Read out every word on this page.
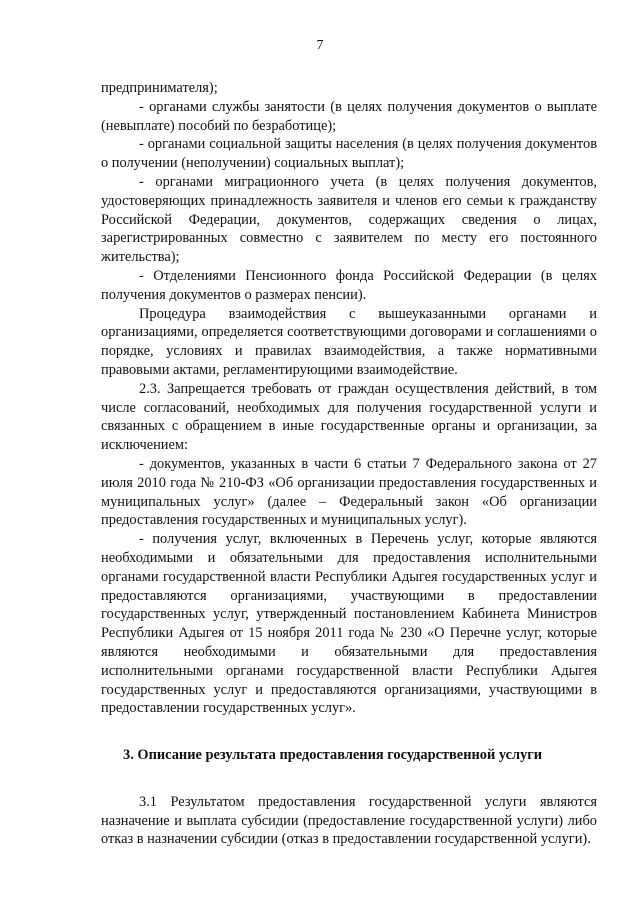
7

предпринимателя);

- органами службы занятости (в целях получения документов о выплате (невыплате) пособий по безработице);

- органами социальной защиты населения (в целях получения документов о получении (неполучении) социальных выплат);

- органами миграционного учета (в целях получения документов, удостоверяющих принадлежность заявителя и членов его семьи к гражданству Российской Федерации, документов, содержащих сведения о лицах, зарегистрированных совместно с заявителем по месту его постоянного жительства);

- Отделениями Пенсионного фонда Российской Федерации (в целях получения документов о размерах пенсии).

Процедура взаимодействия с вышеуказанными органами и организациями, определяется соответствующими договорами и соглашениями о порядке, условиях и правилах взаимодействия, а также нормативными правовыми актами, регламентирующими взаимодействие.

2.3. Запрещается требовать от граждан осуществления действий, в том числе согласований, необходимых для получения государственной услуги и связанных с обращением в иные государственные органы и организации, за исключением:

- документов, указанных в части 6 статьи 7 Федерального закона от 27 июля 2010 года № 210-ФЗ «Об организации предоставления государственных и муниципальных услуг» (далее – Федеральный закон «Об организации предоставления государственных и муниципальных услуг).

- получения услуг, включенных в Перечень услуг, которые являются необходимыми и обязательными для предоставления исполнительными органами государственной власти Республики Адыгея государственных услуг и предоставляются организациями, участвующими в предоставлении государственных услуг, утвержденный постановлением Кабинета Министров Республики Адыгея от 15 ноября 2011 года № 230 «О Перечне услуг, которые являются необходимыми и обязательными для предоставления исполнительными органами государственной власти Республики Адыгея государственных услуг и предоставляются организациями, участвующими в предоставлении государственных услуг».

3. Описание результата предоставления государственной услуги

3.1 Результатом предоставления государственной услуги являются назначение и выплата субсидии (предоставление государственной услуги) либо отказ в назначении субсидии (отказ в предоставлении государственной услуги).
